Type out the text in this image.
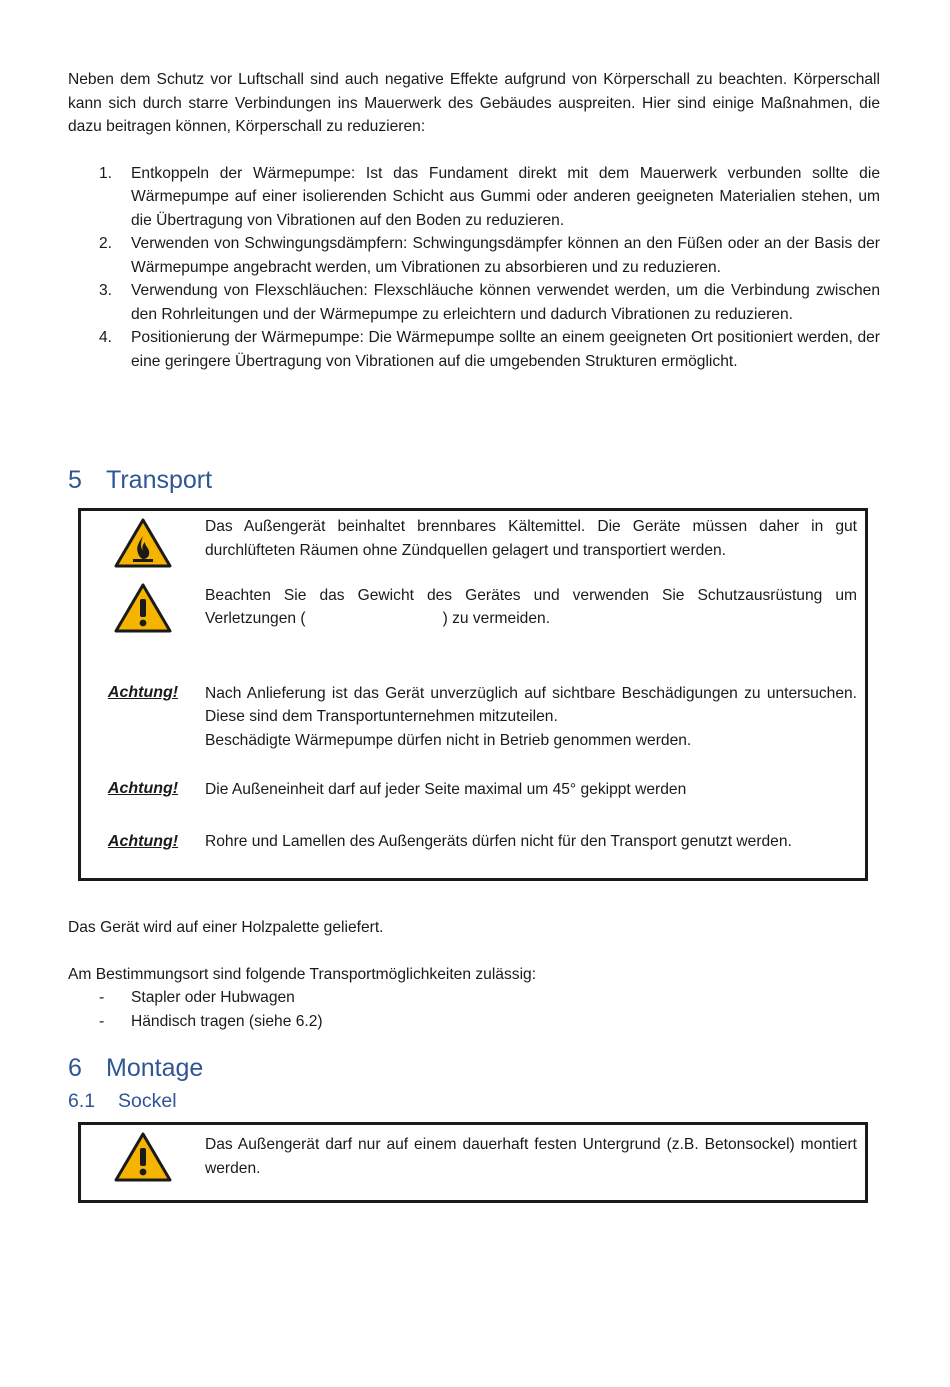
Neben dem Schutz vor Luftschall sind auch negative Effekte aufgrund von Körperschall zu beachten. Körperschall kann sich durch starre Verbindungen ins Mauerwerk des Gebäudes auspreiten. Hier sind einige Maßnahmen, die dazu beitragen können, Körperschall zu reduzieren:

1. Entkoppeln der Wärmepumpe: Ist das Fundament direkt mit dem Mauerwerk verbunden sollte die Wärmepumpe auf einer isolierenden Schicht aus Gummi oder anderen geeigneten Materialien stehen, um die Übertragung von Vibrationen auf den Boden zu reduzieren.
2. Verwenden von Schwingungsdämpfern: Schwingungsdämpfer können an den Füßen oder an der Basis der Wärmepumpe angebracht werden, um Vibrationen zu absorbieren und zu reduzieren.
3. Verwendung von Flexschläuchen: Flexschläuche können verwendet werden, um die Verbindung zwischen den Rohrleitungen und der Wärmepumpe zu erleichtern und dadurch Vibrationen zu reduzieren.
4. Positionierung der Wärmepumpe: Die Wärmepumpe sollte an einem geeigneten Ort positioniert werden, der eine geringere Übertragung von Vibrationen auf die umgebenden Strukturen ermöglicht.
5 Transport
	Das Außengerät beinhaltet brennbares Kältemittel. Die Geräte müssen daher in gut durchlüfteten Räumen ohne Zündquellen gelagert und transportiert werden.
	Beachten Sie das Gewicht des Gerätes und verwenden Sie Schutzausrüstung um Verletzungen ( ) zu vermeiden.
Achtung!	Nach Anlieferung ist das Gerät unverzüglich auf sichtbare Beschädigungen zu untersuchen. Diese sind dem Transportunternehmen mitzuteilen.
Beschädigte Wärmepumpe dürfen nicht in Betrieb genommen werden.

Achtung!	Die Außeneinheit darf auf jeder Seite maximal um 45° gekippt werden
Achtung!	Rohre und Lamellen des Außengeräts dürfen nicht für den Transport genutzt werden.
Das Gerät wird auf einer Holzpalette geliefert.
Am Bestimmungsort sind folgende Transportmöglichkeiten zulässig:
- Stapler oder Hubwagen
- Händisch tragen (siehe 6.2)
6 Montage
6.1 Sockel
	Das Außengerät darf nur auf einem dauerhaft festen Untergrund (z.B. Betonsockel) montiert werden.
